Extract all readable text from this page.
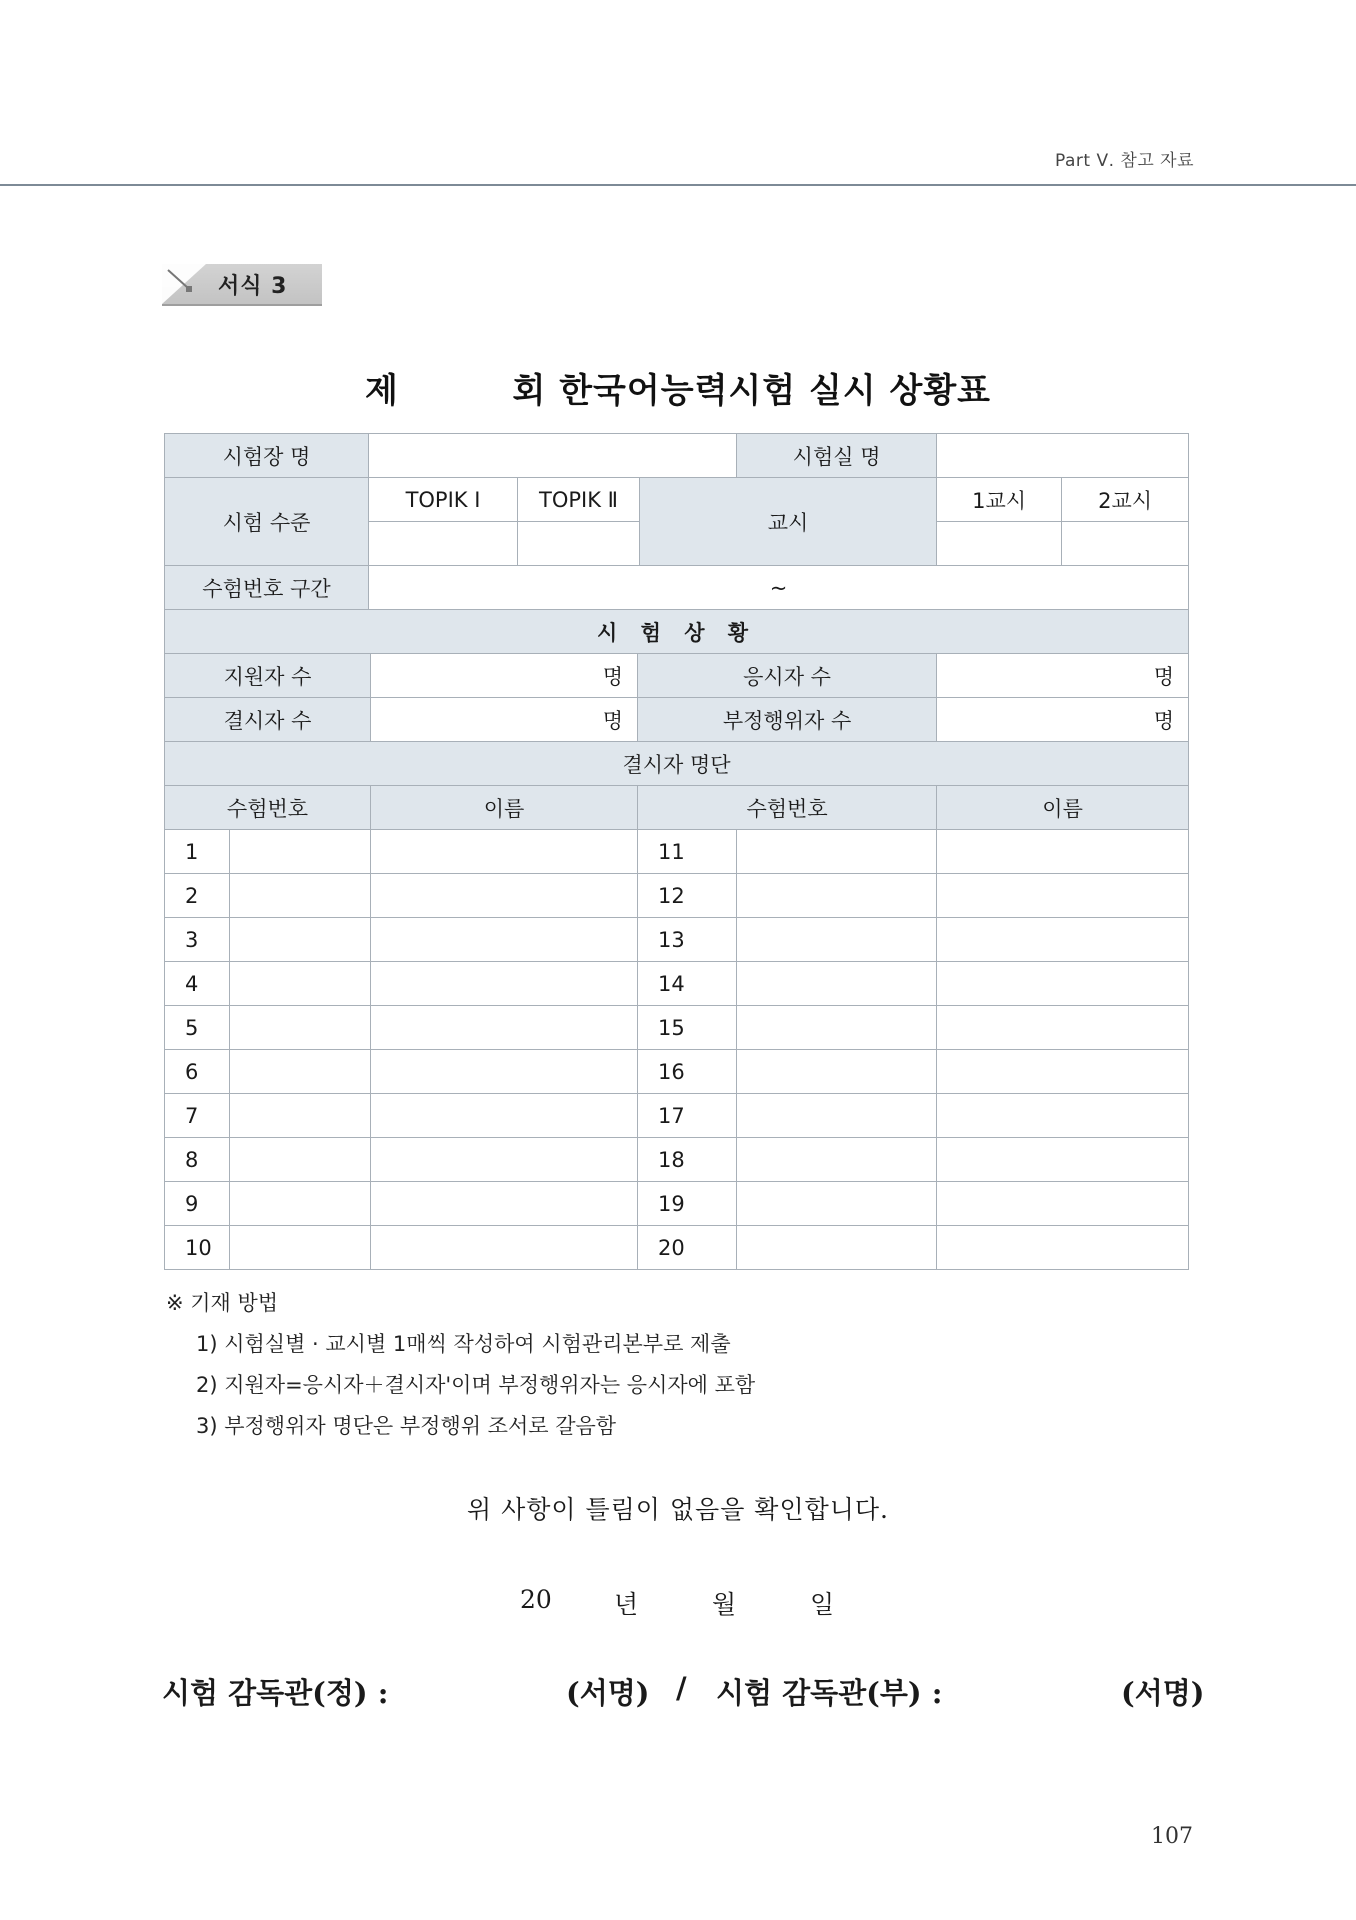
Part Ⅴ. 참고 자료
서식 3
제	회 한국어능력시험 실시 상황표
시험장 명							시험실 명		
시험 수준		TOPIK Ⅰ		TOPIK Ⅱ		교시		1교시	2교시

수험번호 구간		~							
시 험 상 황									
지원자 수			명		응시자 수			명	
결시자 수			명		부정행위자 수			명	
결시자 명단									
수험번호			이름		수험번호			이름	
1					11				
2					12				
3					13				
4					14				
5					15				
6					16				
7					17				
8					18				
9					19				
10					20				
※ 기재 방법
1) 시험실별 · 교시별 1매씩 작성하여 시험관리본부로 제출
2) 지원자=응시자＋결시자'이며 부정행위자는 응시자에 포함
3) 부정행위자 명단은 부정행위 조서로 갈음함
위 사항이 틀림이 없음을 확인합니다.
20 년	월	일
시험 감독관(정) :	(서명) / 시험 감독관(부) :	(서명)
107
